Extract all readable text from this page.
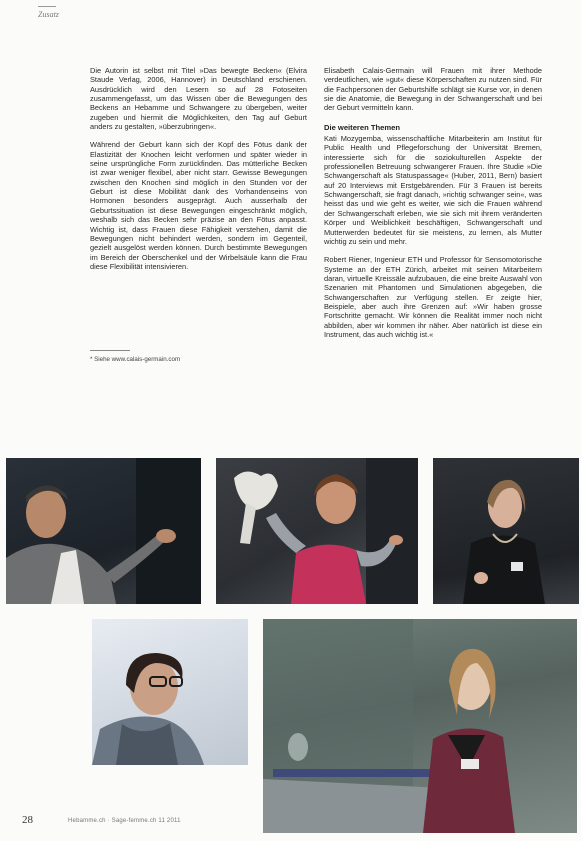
Zusatz

Die Autorin ist selbst mit Titel »Das bewegte Becken« (Elvira Staude Verlag, 2006, Hannover) in Deutschland erschienen. Ausdrücklich wird den Lesern so auf 28 Fotoseiten zusammengefasst, um das Wissen über die Bewegungen des Beckens an Hebamme und Schwangere zu übergeben, weiter zugeben und hiermit die Möglichkeiten, den Tag auf Geburt anders zu gestalten, »überzubringen«.

Während der Geburt kann sich der Kopf des Fötus dank der Elastizität der Knochen leicht verformen und später wieder in seine ursprüngliche Form zurückfinden. Das mütterliche Becken ist zwar weniger flexibel, aber nicht starr. Gewisse Bewegungen zwischen den Knochen sind möglich in den Stunden vor der Geburt ist diese Mobilität dank des Vorhandenseins von Hormonen besonders ausgeprägt. Auch ausserhalb der Geburtssituation ist diese Bewegungen eingeschränkt möglich, weshalb sich das Becken sehr präzise an den Fötus anpasst. Wichtig ist, dass Frauen diese Fähigkeit verstehen, damit die Bewegungen nicht behindert werden, sondern im Gegenteil, gezielt ausgelöst werden können. Durch bestimmte Bewegungen im Bereich der Oberschenkel und der Wirbelsäule kann die Frau diese Flexibilität intensivieren.

* Siehe www.calais-germain.com

Elisabeth Calais-Germain will Frauen mit ihrer Methode verdeutlichen, wie »gut« diese Körperschaften zu nutzen sind. Für die Fachpersonen der Geburtshilfe schlägt sie Kurse vor, in denen sie die Anatomie, die Bewegung in der Schwangerschaft und bei der Geburt vermitteln kann.

Die weiteren Themen

Kati Mozygemba, wissenschaftliche Mitarbeiterin am Institut für Public Health und Pflegeforschung der Universität Bremen, interessierte sich für die soziokulturellen Aspekte der professionellen Betreuung schwangerer Frauen. Ihre Studie »Die Schwangerschaft als Statuspassage« (Huber, 2011, Bern) basiert auf 20 Interviews mit Erstgebärenden. Für 3 Frauen ist bereits Schwangerschaft, sie fragt danach, »richtig schwanger sein«, was heisst das und wie geht es weiter, wie sich die Frauen während der Schwangerschaft erleben, wie sie sich mit ihrem veränderten Körper und Weiblichkeit beschäftigen, Schwangerschaft und Mutterwerden bedeutet für sie meistens, zu lernen, als Mutter wichtig zu sein und mehr.

Robert Riener, Ingenieur ETH und Professor für Sensomotorische Systeme an der ETH Zürich, arbeitet mit seinen Mitarbeitern daran, virtuelle Kreissäle aufzubauen, die eine breite Auswahl von Szenarien mit Phantomen und Simulationen abgegeben, die Schwangerschaften zur Verfügung stellen. Er zeigte hier, Beispiele, aber auch ihre Grenzen auf: »Wir haben grosse Fortschritte gemacht. Wir können die Realität immer noch nicht abbilden, aber wir kommen ihr näher. Aber natürlich ist diese ein Instrument, das auch wichtig ist.«

28	Hebamme.ch · Sage-femme.ch 11 2011
